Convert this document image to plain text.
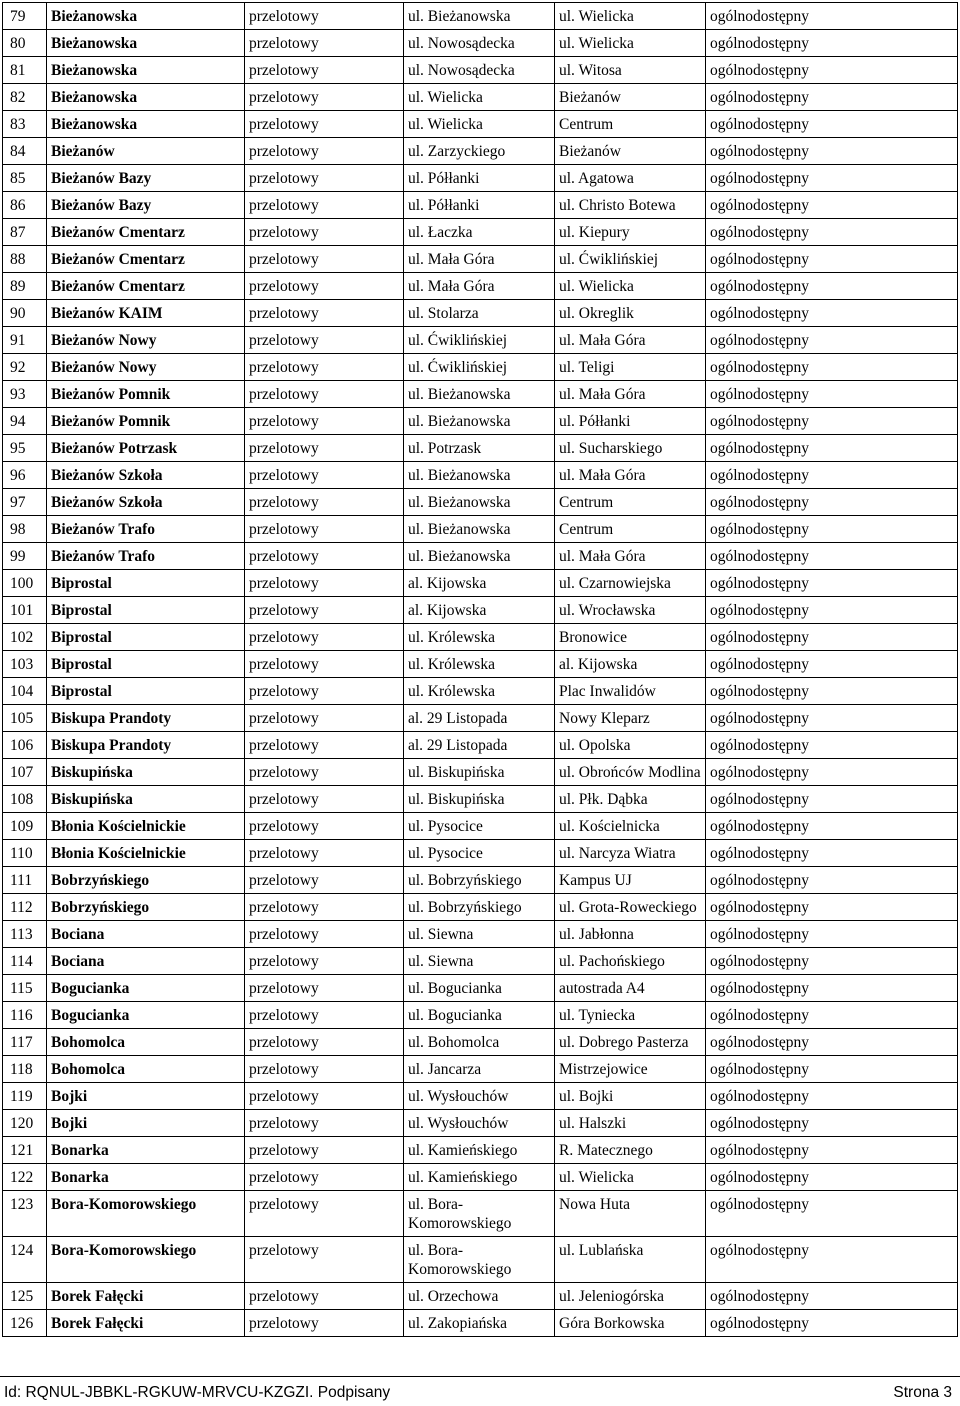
79	Bieżanowska	przelotowy	ul. Bieżanowska	ul. Wielicka	ogólnodostępny
80	Bieżanowska	przelotowy	ul. Nowosądecka	ul. Wielicka	ogólnodostępny
81	Bieżanowska	przelotowy	ul. Nowosądecka	ul. Witosa	ogólnodostępny
82	Bieżanowska	przelotowy	ul. Wielicka	Bieżanów	ogólnodostępny
83	Bieżanowska	przelotowy	ul. Wielicka	Centrum	ogólnodostępny
84	Bieżanów	przelotowy	ul. Zarzyckiego	Bieżanów	ogólnodostępny
85	Bieżanów Bazy	przelotowy	ul. Półłanki	ul. Agatowa	ogólnodostępny
86	Bieżanów Bazy	przelotowy	ul. Półłanki	ul. Christo Botewa	ogólnodostępny
87	Bieżanów Cmentarz	przelotowy	ul. Łaczka	ul. Kiepury	ogólnodostępny
88	Bieżanów Cmentarz	przelotowy	ul. Mała Góra	ul. Ćwiklińskiej	ogólnodostępny
89	Bieżanów Cmentarz	przelotowy	ul. Mała Góra	ul. Wielicka	ogólnodostępny
90	Bieżanów KAIM	przelotowy	ul. Stolarza	ul. Okreglik	ogólnodostępny
91	Bieżanów Nowy	przelotowy	ul. Ćwiklińskiej	ul. Mała Góra	ogólnodostępny
92	Bieżanów Nowy	przelotowy	ul. Ćwiklińskiej	ul. Teligi	ogólnodostępny
93	Bieżanów Pomnik	przelotowy	ul. Bieżanowska	ul. Mała Góra	ogólnodostępny
94	Bieżanów Pomnik	przelotowy	ul. Bieżanowska	ul. Półłanki	ogólnodostępny
95	Bieżanów Potrzask	przelotowy	ul. Potrzask	ul. Sucharskiego	ogólnodostępny
96	Bieżanów Szkoła	przelotowy	ul. Bieżanowska	ul. Mała Góra	ogólnodostępny
97	Bieżanów Szkoła	przelotowy	ul. Bieżanowska	Centrum	ogólnodostępny
98	Bieżanów Trafo	przelotowy	ul. Bieżanowska	Centrum	ogólnodostępny
99	Bieżanów Trafo	przelotowy	ul. Bieżanowska	ul. Mała Góra	ogólnodostępny
100	Biprostal	przelotowy	al. Kijowska	ul. Czarnowiejska	ogólnodostępny
101	Biprostal	przelotowy	al. Kijowska	ul. Wrocławska	ogólnodostępny
102	Biprostal	przelotowy	ul. Królewska	Bronowice	ogólnodostępny
103	Biprostal	przelotowy	ul. Królewska	al. Kijowska	ogólnodostępny
104	Biprostal	przelotowy	ul. Królewska	Plac Inwalidów	ogólnodostępny
105	Biskupa Prandoty	przelotowy	al. 29 Listopada	Nowy Kleparz	ogólnodostępny
106	Biskupa Prandoty	przelotowy	al. 29 Listopada	ul. Opolska	ogólnodostępny
107	Biskupińska	przelotowy	ul. Biskupińska	ul. Obrońców Modlina	ogólnodostępny
108	Biskupińska	przelotowy	ul. Biskupińska	ul. Płk. Dąbka	ogólnodostępny
109	Błonia Kościelnickie	przelotowy	ul. Pysocice	ul. Kościelnicka	ogólnodostępny
110	Błonia Kościelnickie	przelotowy	ul. Pysocice	ul. Narcyza Wiatra	ogólnodostępny
111	Bobrzyńskiego	przelotowy	ul. Bobrzyńskiego	Kampus UJ	ogólnodostępny
112	Bobrzyńskiego	przelotowy	ul. Bobrzyńskiego	ul. Grota-Roweckiego	ogólnodostępny
113	Bociana	przelotowy	ul. Siewna	ul. Jabłonna	ogólnodostępny
114	Bociana	przelotowy	ul. Siewna	ul. Pachońskiego	ogólnodostępny
115	Bogucianka	przelotowy	ul. Bogucianka	autostrada A4	ogólnodostępny
116	Bogucianka	przelotowy	ul. Bogucianka	ul. Tyniecka	ogólnodostępny
117	Bohomolca	przelotowy	ul. Bohomolca	ul. Dobrego Pasterza	ogólnodostępny
118	Bohomolca	przelotowy	ul. Jancarza	Mistrzejowice	ogólnodostępny
119	Bojki	przelotowy	ul. Wysłouchów	ul. Bojki	ogólnodostępny
120	Bojki	przelotowy	ul. Wysłouchów	ul. Halszki	ogólnodostępny
121	Bonarka	przelotowy	ul. Kamieńskiego	R. Matecznego	ogólnodostępny
122	Bonarka	przelotowy	ul. Kamieńskiego	ul. Wielicka	ogólnodostępny
123	Bora-Komorowskiego	przelotowy	ul. Bora-Komorowskiego	Nowa Huta	ogólnodostępny
124	Bora-Komorowskiego	przelotowy	ul. Bora-Komorowskiego	ul. Lublańska	ogólnodostępny
125	Borek Fałęcki	przelotowy	ul. Orzechowa	ul. Jeleniogórska	ogólnodostępny
126	Borek Fałęcki	przelotowy	ul. Zakopiańska	Góra Borkowska	ogólnodostępny
Id: RQNUL-JBBKL-RGKUW-MRVCU-KZGZI. Podpisany	Strona 3
